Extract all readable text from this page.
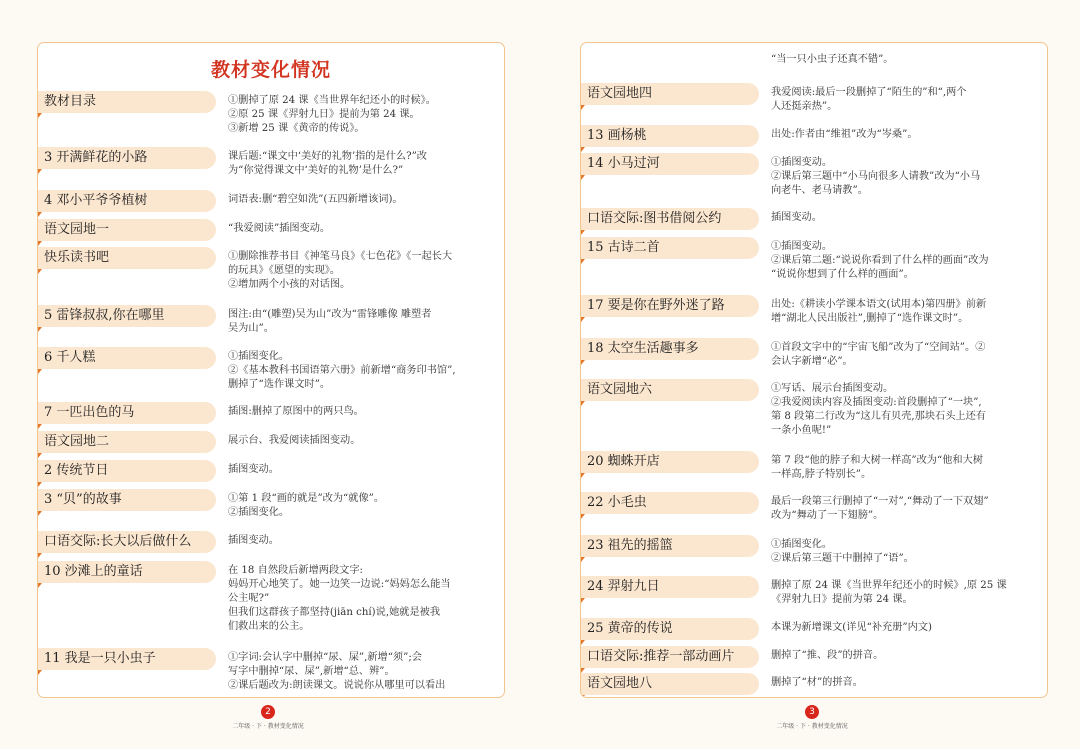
教材变化情况
教材目录	①删掉了原 24 课《当世界年纪还小的时候》。
②原 25 课《羿射九日》提前为第 24 课。
③新增 25 课《黄帝的传说》。
3 开满鲜花的小路	课后题:“课文中‘美好的礼物’指的是什么?”改
为“你觉得课文中‘美好的礼物’是什么?”
4 邓小平爷爷植树	词语表:删“碧空如洗”(五四新增该词)。
语文园地一	“我爱阅读”插图变动。
快乐读书吧	①删除推荐书目《神笔马良》《七色花》《一起长大
的玩具》《愿望的实现》。
②增加两个小孩的对话图。
5 雷锋叔叔,你在哪里	图注:由“(雕塑)吴为山”改为“雷锋雕像 雕塑者
吴为山”。
6 千人糕	①插图变化。
②《基本教科书国语第六册》前新增“商务印书馆”,
删掉了“选作课文时”。
7 一匹出色的马	插图:删掉了原图中的两只鸟。
语文园地二	展示台、我爱阅读插图变动。
2 传统节日	插图变动。
3 “贝”的故事	①第 1 段“画的就是”改为“就像”。
②插图变化。
口语交际:长大以后做什么	插图变动。
10 沙滩上的童话	在 18 自然段后新增两段文字:
妈妈开心地笑了。她一边笑一边说:“妈妈怎么能当
公主呢?”
但我们这群孩子都坚持(jiān chí)说,她就是被我
们救出来的公主。
11 我是一只小虫子	①字词:会认字中删掉“尿、屎”,新增“须”;会
写字中删掉“尿、屎”,新增“总、辨”。
②课后题改为:朗读课文。说说你从哪里可以看出
“当一只小虫子还真不错”。
语文园地四	我爱阅读:最后一段删掉了“陌生的”和“,两个
人还挺亲热”。
13 画杨桃	出处:作者由“维祖”改为“岑桑”。
14 小马过河	①插图变动。
②课后第三题中“小马向很多人请教”改为“小马
向老牛、老马请教”。
口语交际:图书借阅公约	插图变动。
15 古诗二首	①插图变动。
②课后第二题:“说说你看到了什么样的画面”改为
“说说你想到了什么样的画面”。
17 要是你在野外迷了路	出处:《耕读小学课本语文(试用本)第四册》前新
增“湖北人民出版社”,删掉了“选作课文时”。
18 太空生活趣事多	①首段文字中的“宇宙飞船”改为了“空间站”。②
会认字新增“必”。
语文园地六	①写话、展示台插图变动。
②我爱阅读内容及插图变动:首段删掉了“一块”,
第 8 段第二行改为“这儿有贝壳,那块石头上还有
一条小鱼呢!”
20 蜘蛛开店	第 7 段“他的脖子和大树一样高”改为“他和大树
一样高,脖子特别长”。
22 小毛虫	最后一段第三行删掉了“一对”,“舞动了一下双翅”
改为“舞动了一下翅膀”。
23 祖先的摇篮	①插图变化。
②课后第三题干中删掉了“语”。
24 羿射九日	删掉了原 24 课《当世界年纪还小的时候》,原 25 课
《羿射九日》提前为第 24 课。
25 黄帝的传说	本课为新增课文(详见“补充册”内文)
口语交际:推荐一部动画片	删掉了“推、段”的拼音。
语文园地八	删掉了“材”的拼音。
2
二年级 · 下 · 教材变化情况
3
二年级 · 下 · 教材变化情况
